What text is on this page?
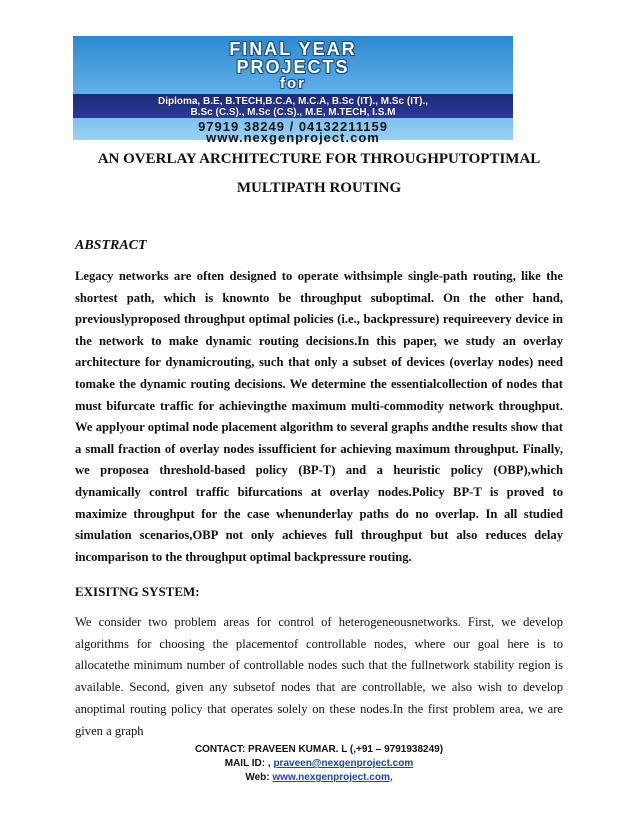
FINAL YEAR
PROJECTS
for
Diploma, B.E, B.TECH,B.C.A, M.C.A, B.Sc (IT)., M.Sc (IT).,
B.Sc (C.S)., M.Sc (C.S)., M.E, M.TECH, I.S.M
97919 38249 / 04132211159
www.nexgenproject.com
AN OVERLAY ARCHITECTURE FOR THROUGHPUTOPTIMAL
MULTIPATH ROUTING
ABSTRACT

Legacy networks are often designed to operate withsimple single-path routing, like the shortest path, which is knownto be throughput suboptimal. On the other hand, previouslyproposed throughput optimal policies (i.e., backpressure) requireevery device in the network to make dynamic routing decisions.In this paper, we study an overlay architecture for dynamicrouting, such that only a subset of devices (overlay nodes) need tomake the dynamic routing decisions. We determine the essentialcollection of nodes that must bifurcate traffic for achievingthe maximum multi-commodity network throughput. We applyour optimal node placement algorithm to several graphs andthe results show that a small fraction of overlay nodes issufficient for achieving maximum throughput. Finally, we proposea threshold-based policy (BP-T) and a heuristic policy (OBP),which dynamically control traffic bifurcations at overlay nodes.Policy BP-T is proved to maximize throughput for the case whenunderlay paths do no overlap. In all studied simulation scenarios,OBP not only achieves full throughput but also reduces delay incomparison to the throughput optimal backpressure routing.

EXISITNG SYSTEM:

We consider two problem areas for control of heterogeneousnetworks. First, we develop algorithms for choosing the placementof controllable nodes, where our goal here is to allocatethe minimum number of controllable nodes such that the fullnetwork stability region is available. Second, given any subsetof nodes that are controllable, we also wish to develop anoptimal routing policy that operates solely on these nodes.In the first problem area, we are given a graph

CONTACT: PRAVEEN KUMAR. L (,+91 – 9791938249)
MAIL ID: , praveen@nexgenproject.com
Web: www.nexgenproject.com,
